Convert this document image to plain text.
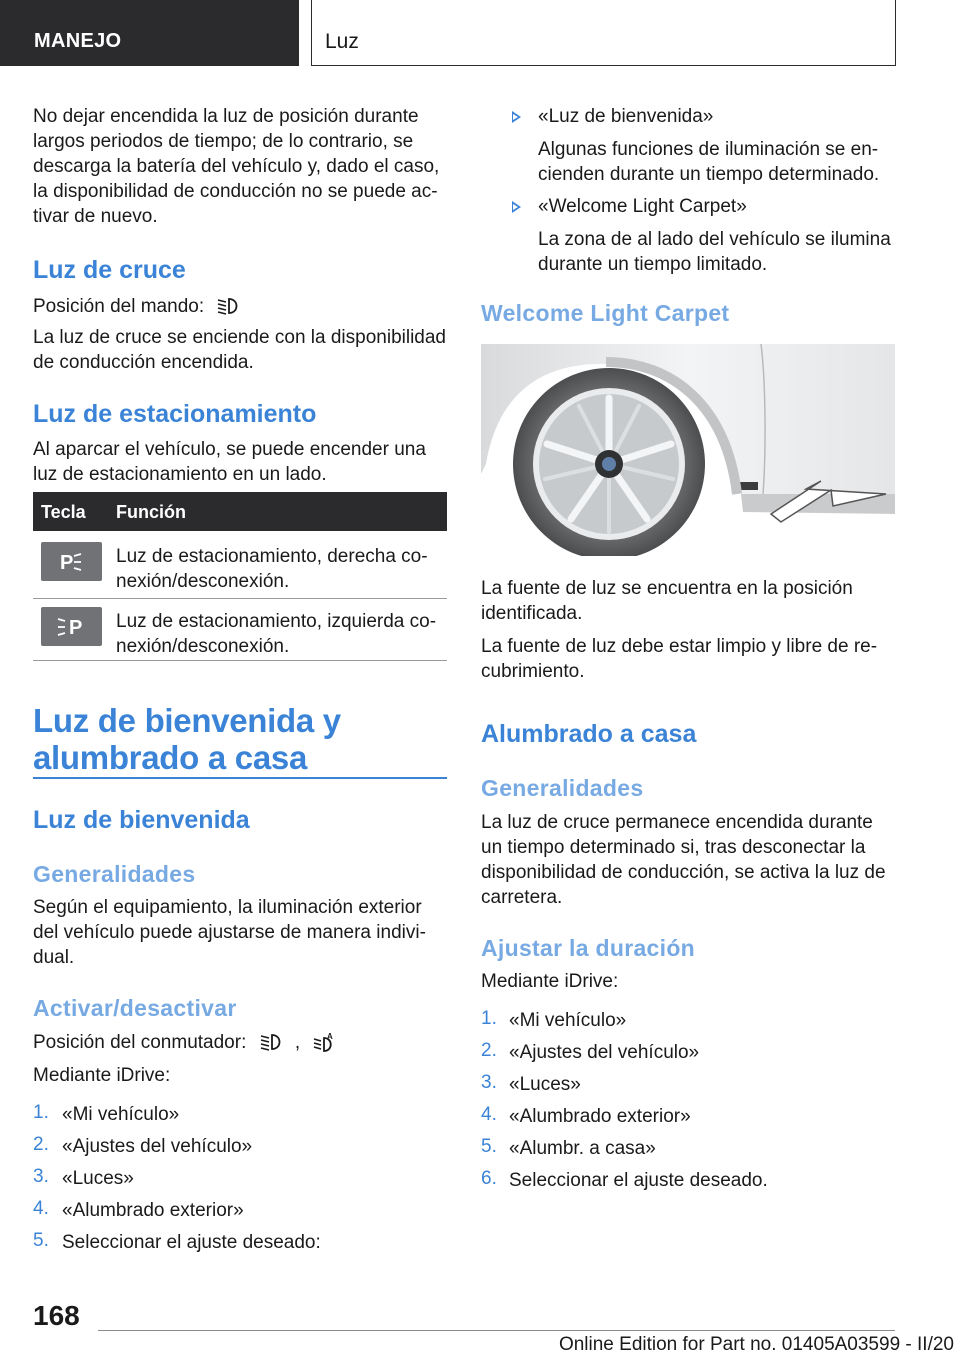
MANEJO	Luz

No dejar encendida la luz de posición durante largos periodos de tiempo; de lo contrario, se descarga la batería del vehículo y, dado el caso, la disponibilidad de conducción no se puede activar de nuevo.

Luz de cruce

Posición del mando:

La luz de cruce se enciende con la disponibilidad de conducción encendida.

Luz de estacionamiento

Al aparcar el vehículo, se puede encender una luz de estacionamiento en un lado.

Tecla Función
P Luz de estacionamiento, derecha conexión/desconexión.

P Luz de estacionamiento, izquierda conexión/desconexión.

Luz de bienvenida y alumbrado a casa
Luz de bienvenida
Generalidades

Según el equipamiento, la iluminación exterior del vehículo puede ajustarse de manera individual.

Activar/desactivar

Posición del conmutador:	,	A

Mediante iDrive:

1. «Mi vehículo»
2. «Ajustes del vehículo»
3. «Luces»
4. «Alumbrado exterior»
5. Seleccionar el ajuste deseado:

«Luz de bienvenida»

Algunas funciones de iluminación se encienden durante un tiempo determinado.

«Welcome Light Carpet»

La zona de al lado del vehículo se ilumina durante un tiempo limitado.

Welcome Light Carpet

La fuente de luz se encuentra en la posición identificada.

La fuente de luz debe estar limpio y libre de recubrimiento.

Alumbrado a casa
Generalidades

La luz de cruce permanece encendida durante un tiempo determinado si, tras desconectar la disponibilidad de conducción, se activa la luz de carretera.

Ajustar la duración

Mediante iDrive:

1. «Mi vehículo»
2. «Ajustes del vehículo»
3. «Luces»
4. «Alumbrado exterior»
5. «Alumbr. a casa»
6. Seleccionar el ajuste deseado.
168
Online Edition for Part no. 01405A03599 - II/20
